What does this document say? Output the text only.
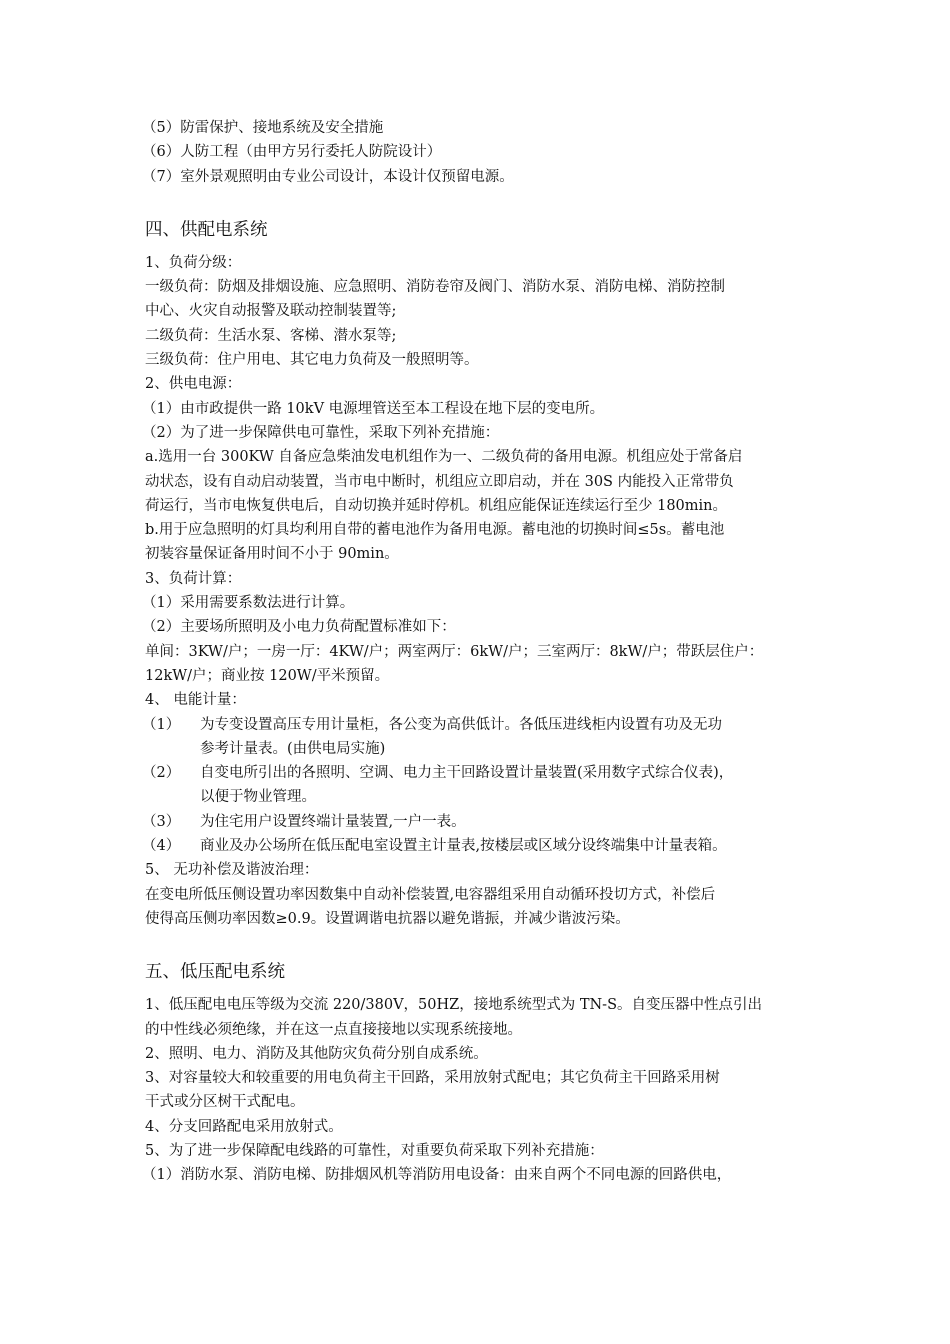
（5）防雷保护、接地系统及安全措施
（6）人防工程（由甲方另行委托人防院设计）
（7）室外景观照明由专业公司设计，本设计仅预留电源。
四、供配电系统
1、负荷分级：
一级负荷：防烟及排烟设施、应急照明、消防卷帘及阀门、消防水泵、消防电梯、消防控制
中心、火灾自动报警及联动控制装置等;
二级负荷：生活水泵、客梯、潜水泵等;
三级负荷：住户用电、其它电力负荷及一般照明等。
2、供电电源：
（1）由市政提供一路 10kV 电源埋管送至本工程设在地下层的变电所。
（2）为了进一步保障供电可靠性，采取下列补充措施：
a.选用一台 300KW 自备应急柴油发电机组作为一、二级负荷的备用电源。机组应处于常备启
动状态，设有自动启动装置，当市电中断时，机组应立即启动，并在 30S 内能投入正常带负
荷运行，当市电恢复供电后，自动切换并延时停机。机组应能保证连续运行至少 180min。
b.用于应急照明的灯具均利用自带的蓄电池作为备用电源。蓄电池的切换时间≤5s。蓄电池
初装容量保证备用时间不小于 90min。
3、负荷计算：
（1）采用需要系数法进行计算。
（2）主要场所照明及小电力负荷配置标准如下：
单间：3KW/户；一房一厅：4KW/户；两室两厅：6kW/户；三室两厅：8kW/户；带跃层住户：
12kW/户；商业按 120W/平米预留。
4、 电能计量：
（1）	为专变设置高压专用计量柜，各公变为高供低计。各低压进线柜内设置有功及无功
参考计量表。(由供电局实施)
（2）	自变电所引出的各照明、空调、电力主干回路设置计量装置(采用数字式综合仪表)，
以便于物业管理。
（3）	为住宅用户设置终端计量装置,一户一表。
（4）	商业及办公场所在低压配电室设置主计量表,按楼层或区域分设终端集中计量表箱。
5、 无功补偿及谐波治理：
在变电所低压侧设置功率因数集中自动补偿装置,电容器组采用自动循环投切方式，补偿后
使得高压侧功率因数≥0.9。设置调谐电抗器以避免谐振，并减少谐波污染。
五、低压配电系统
1、低压配电电压等级为交流 220/380V，50HZ，接地系统型式为 TN-S。自变压器中性点引出
的中性线必须绝缘，并在这一点直接接地以实现系统接地。
2、照明、电力、消防及其他防灾负荷分别自成系统。
3、对容量较大和较重要的用电负荷主干回路，采用放射式配电；其它负荷主干回路采用树
干式或分区树干式配电。
4、分支回路配电采用放射式。
5、为了进一步保障配电线路的可靠性，对重要负荷采取下列补充措施：
（1）消防水泵、消防电梯、防排烟风机等消防用电设备：由来自两个不同电源的回路供电，
